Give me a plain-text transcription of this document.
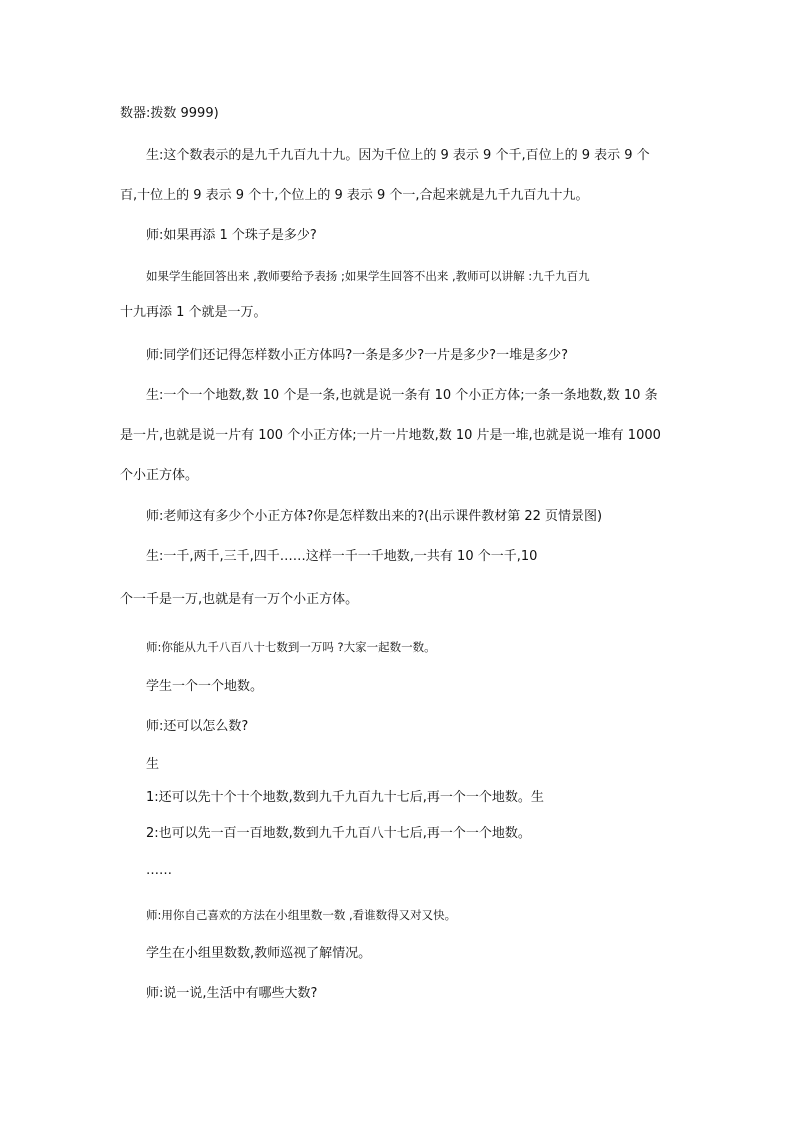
数器:拨数 9999)
生:这个数表示的是九千九百九十九。因为千位上的 9 表示 9 个千,百位上的 9 表示 9 个
百,十位上的 9 表示 9 个十,个位上的 9 表示 9 个一,合起来就是九千九百九十九。
师:如果再添 1 个珠子是多少?
如果学生能回答出来 ,教师要给予表扬 ;如果学生回答不出来 ,教师可以讲解 :九千九百九
十九再添 1 个就是一万。
师:同学们还记得怎样数小正方体吗?一条是多少?一片是多少?一堆是多少?
生:一个一个地数,数 10 个是一条,也就是说一条有 10 个小正方体;一条一条地数,数 10 条
是一片,也就是说一片有 100 个小正方体;一片一片地数,数 10 片是一堆,也就是说一堆有 1000
个小正方体。
师:老师这有多少个小正方体?你是怎样数出来的?(出示课件教材第 22 页情景图)
生:一千,两千,三千,四千……这样一千一千地数,一共有 10 个一千,10
个一千是一万,也就是有一万个小正方体。
师:你能从九千八百八十七数到一万吗 ?大家一起数一数。
学生一个一个地数。
师:还可以怎么数?
生
1:还可以先十个十个地数,数到九千九百九十七后,再一个一个地数。生
2:也可以先一百一百地数,数到九千九百八十七后,再一个一个地数。
……
师:用你自己喜欢的方法在小组里数一数 ,看谁数得又对又快。
学生在小组里数数,教师巡视了解情况。
师:说一说,生活中有哪些大数?
